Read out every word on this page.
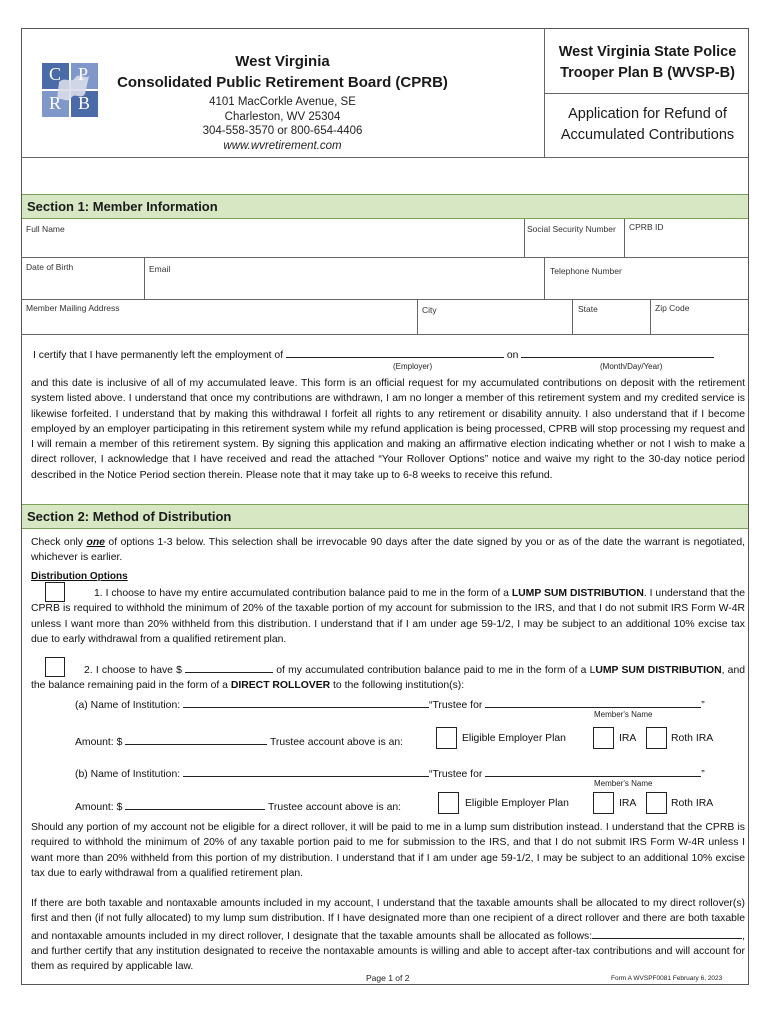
C P
R B
West Virginia
Consolidated Public Retirement Board (CPRB)
4101 MacCorkle Avenue, SE
Charleston, WV 25304
304-558-3570 or 800-654-4406
www.wvretirement.com
West Virginia State Police
Trooper Plan B (WVSP-B)
Application for Refund of
Accumulated Contributions
Section 1: Member Information
Full Name	Social Security Number CPRB ID
Date of Birth	Email	Telephone Number
Member Mailing Address	City	State	Zip Code
I certify that I have permanently left the employment of	on
(Employer)	(Month/Day/Year)
and this date is inclusive of all of my accumulated leave. This form is an official request for my accumulated contributions on deposit with the retirement system listed above. I understand that once my contributions are withdrawn, I am no longer a member of this retirement system and my credited service is likewise forfeited. I understand that by making this withdrawal I forfeit all rights to any retirement or disability annuity. I also understand that if I become employed by an employer participating in this retirement system while my refund application is being processed, CPRB will stop processing my request and I will remain a member of this retirement system. By signing this application and making an affirmative election indicating whether or not I wish to make a direct rollover, I acknowledge that I have received and read the attached “Your Rollover Options” notice and waive my right to the 30-day notice period described in the Notice Period section therein. Please note that it may take up to 6-8 weeks to receive this refund.
Section 2: Method of Distribution
Check only one of options 1-3 below. This selection shall be irrevocable 90 days after the date signed by you or as of the date the warrant is negotiated, whichever is earlier.
Distribution Options
1. I choose to have my entire accumulated contribution balance paid to me in the form of a LUMP SUM DISTRIBUTION. I understand that the CPRB is required to withhold the minimum of 20% of the taxable portion of my account for submission to the IRS, and that I do not submit IRS Form W-4R unless I want more than 20% withheld from this distribution. I understand that if I am under age 59-1/2, I may be subject to an additional 10% excise tax due to early withdrawal from a qualified retirement plan.
2. I choose to have $	of my accumulated contribution balance paid to me in the form of a LUMP SUM DISTRIBUTION, and the balance remaining paid in the form of a DIRECT ROLLOVER to the following institution(s):
(a) Name of Institution:	“Trustee for	”
Member's Name
Amount: $	Trustee account above is an:	Eligible Employer Plan	IRA	Roth IRA
(b) Name of Institution:	“Trustee for	”
Member's Name
Amount: $	Trustee account above is an:	Eligible Employer Plan	IRA	Roth IRA
Should any portion of my account not be eligible for a direct rollover, it will be paid to me in a lump sum distribution instead. I understand that the CPRB is required to withhold the minimum of 20% of any taxable portion paid to me for submission to the IRS, and that I do not submit IRS Form W-4R unless I want more than 20% withheld from this portion of my distribution. I understand that if I am under age 59-1/2, I may be subject to an additional 10% excise tax due to early withdrawal from a qualified retirement plan.
If there are both taxable and nontaxable amounts included in my account, I understand that the taxable amounts shall be allocated to my direct rollover(s) first and then (if not fully allocated) to my lump sum distribution. If I have designated more than one recipient of a direct rollover and there are both taxable and nontaxable amounts included in my direct rollover, I designate that the taxable amounts shall be allocated as follows:	, and further certify that any institution designated to receive the nontaxable amounts is willing and able to accept after-tax contributions and will account for them as required by applicable law.
Page 1 of 2	Form A WVSPF0081 February 6, 2023
